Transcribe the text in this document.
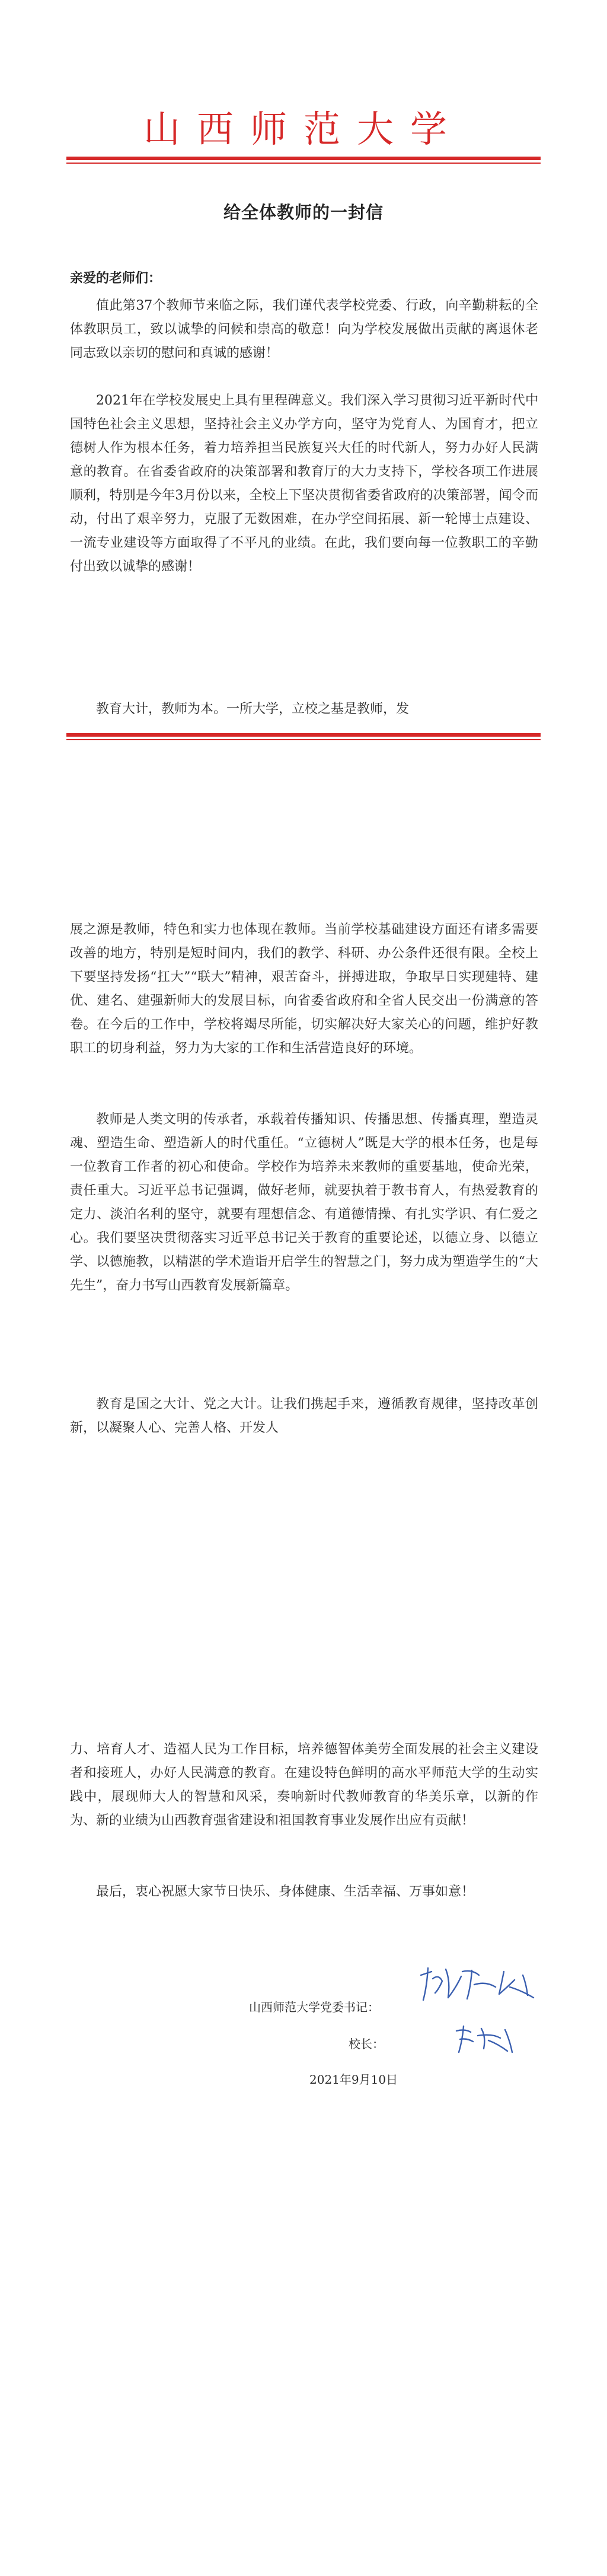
山西师范大学
给全体教师的一封信
亲爱的老师们：

值此第37个教师节来临之际，我们谨代表学校党委、行政，向辛勤耕耘的全体教职员工，致以诚挚的问候和崇高的敬意！向为学校发展做出贡献的离退休老同志致以亲切的慰问和真诚的感谢！

2021年在学校发展史上具有里程碑意义。我们深入学习贯彻习近平新时代中国特色社会主义思想，坚持社会主义办学方向，坚守为党育人、为国育才，把立德树人作为根本任务，着力培养担当民族复兴大任的时代新人，努力办好人民满意的教育。在省委省政府的决策部署和教育厅的大力支持下，学校各项工作进展顺利，特别是今年3月份以来，全校上下坚决贯彻省委省政府的决策部署，闻令而动，付出了艰辛努力，克服了无数困难，在办学空间拓展、新一轮博士点建设、一流专业建设等方面取得了不平凡的业绩。在此，我们要向每一位教职工的辛勤付出致以诚挚的感谢！

教育大计，教师为本。一所大学，立校之基是教师，发

展之源是教师，特色和实力也体现在教师。当前学校基础建设方面还有诸多需要改善的地方，特别是短时间内，我们的教学、科研、办公条件还很有限。全校上下要坚持发扬“扛大”“联大”精神，艰苦奋斗，拼搏进取，争取早日实现建特、建优、建名、建强新师大的发展目标，向省委省政府和全省人民交出一份满意的答卷。在今后的工作中，学校将竭尽所能，切实解决好大家关心的问题，维护好教职工的切身利益，努力为大家的工作和生活营造良好的环境。

教师是人类文明的传承者，承载着传播知识、传播思想、传播真理，塑造灵魂、塑造生命、塑造新人的时代重任。“立德树人”既是大学的根本任务，也是每一位教育工作者的初心和使命。学校作为培养未来教师的重要基地，使命光荣，责任重大。习近平总书记强调，做好老师，就要执着于教书育人，有热爱教育的定力、淡泊名利的坚守，就要有理想信念、有道德情操、有扎实学识、有仁爱之心。我们要坚决贯彻落实习近平总书记关于教育的重要论述，以德立身、以德立学、以德施教，以精湛的学术造诣开启学生的智慧之门，努力成为塑造学生的“大先生”，奋力书写山西教育发展新篇章。

教育是国之大计、党之大计。让我们携起手来，遵循教育规律，坚持改革创新，以凝聚人心、完善人格、开发人

力、培育人才、造福人民为工作目标，培养德智体美劳全面发展的社会主义建设者和接班人，办好人民满意的教育。在建设特色鲜明的高水平师范大学的生动实践中，展现师大人的智慧和风采，奏响新时代教师教育的华美乐章，以新的作为、新的业绩为山西教育强省建设和祖国教育事业发展作出应有贡献！

最后，衷心祝愿大家节日快乐、身体健康、生活幸福、万事如意！

山西师范大学党委书记：
校长：
2021年9月10日
